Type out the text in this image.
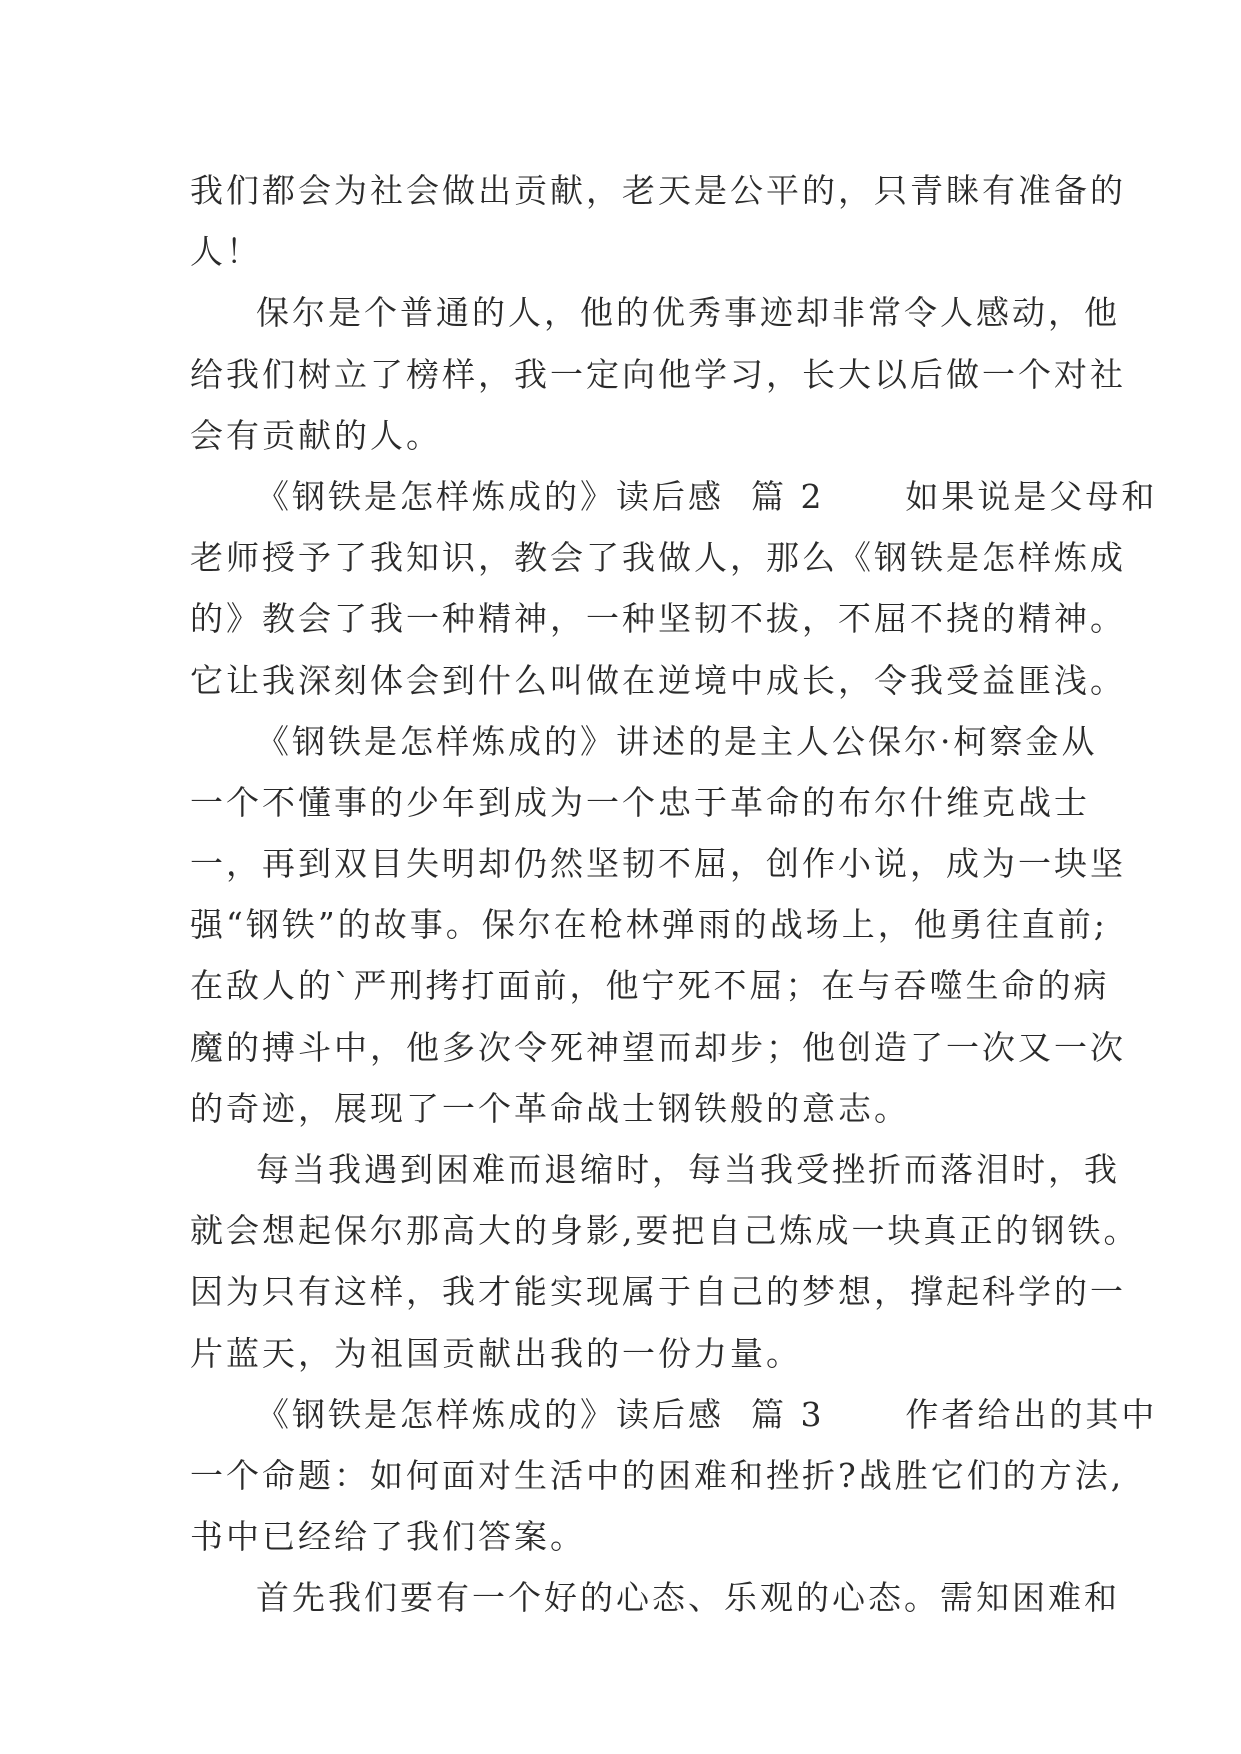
我们都会为社会做出贡献，老天是公平的，只青睐有准备的
人！
保尔是个普通的人，他的优秀事迹却非常令人感动，他
给我们树立了榜样，我一定向他学习，长大以后做一个对社
会有贡献的人。
《钢铁是怎样炼成的》读后感  篇 2      如果说是父母和
老师授予了我知识，教会了我做人，那么《钢铁是怎样炼成
的》教会了我一种精神，一种坚韧不拔，不屈不挠的精神。
它让我深刻体会到什么叫做在逆境中成长，令我受益匪浅。
《钢铁是怎样炼成的》讲述的是主人公保尔·柯察金从
一个不懂事的少年到成为一个忠于革命的布尔什维克战士
一，再到双目失明却仍然坚韧不屈，创作小说，成为一块坚
强“钢铁”的故事。保尔在枪林弹雨的战场上，他勇往直前;
在敌人的`严刑拷打面前，他宁死不屈；在与吞噬生命的病
魔的搏斗中，他多次令死神望而却步；他创造了一次又一次
的奇迹，展现了一个革命战士钢铁般的意志。
每当我遇到困难而退缩时，每当我受挫折而落泪时，我
就会想起保尔那高大的身影,要把自己炼成一块真正的钢铁。
因为只有这样，我才能实现属于自己的梦想，撑起科学的一
片蓝天，为祖国贡献出我的一份力量。
《钢铁是怎样炼成的》读后感  篇 3      作者给出的其中
一个命题：如何面对生活中的困难和挫折?战胜它们的方法,
书中已经给了我们答案。
首先我们要有一个好的心态、乐观的心态。需知困难和
